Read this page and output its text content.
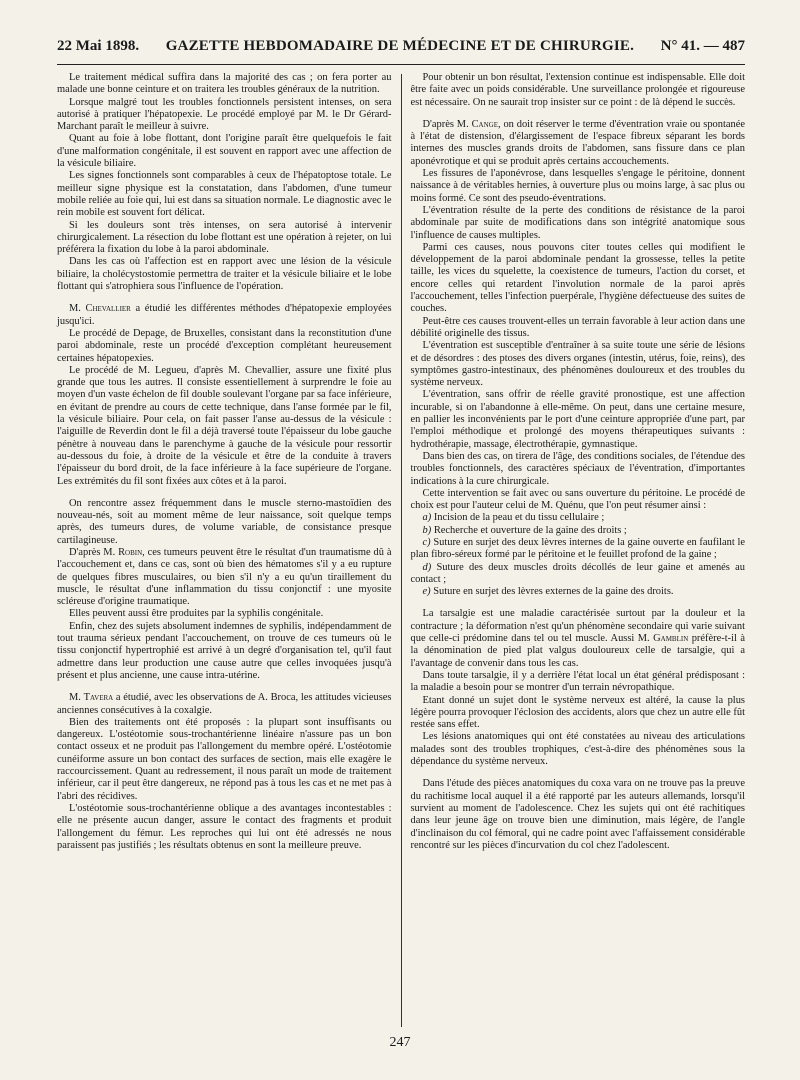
22 Mai 1898. GAZETTE HEBDOMADAIRE DE MÉDECINE ET DE CHIRURGIE. N° 41. — 487

Le traitement médical suffira dans la majorité des cas ; on fera porter au malade une bonne ceinture et on traitera les troubles généraux de la nutrition.

Lorsque malgré tout les troubles fonctionnels persistent intenses, on sera autorisé à pratiquer l'hépatopexie. Le procédé employé par M. le Dr Gérard-Marchant paraît le meilleur à suivre.

Quant au foie à lobe flottant, dont l'origine paraît être quelquefois le fait d'une malformation congénitale, il est souvent en rapport avec une affection de la vésicule biliaire.

Les signes fonctionnels sont comparables à ceux de l'hépatoptose totale. Le meilleur signe physique est la constatation, dans l'abdomen, d'une tumeur mobile reliée au foie qui, lui est dans sa situation normale. Le diagnostic avec le rein mobile est souvent fort délicat.

Si les douleurs sont très intenses, on sera autorisé à intervenir chirurgicalement. La résection du lobe flottant est une opération à rejeter, on lui préférera la fixation du lobe à la paroi abdominale.

Dans les cas où l'affection est en rapport avec une lésion de la vésicule biliaire, la cholécystostomie permettra de traiter et la vésicule biliaire et le lobe flottant qui s'atrophiera sous l'influence de l'opération.

M. Chevallier a étudié les différentes méthodes d'hépatopexie employées jusqu'ici.

Le procédé de Depage, de Bruxelles, consistant dans la reconstitution d'une paroi abdominale, reste un procédé d'exception complétant heureusement certaines hépatopexies.

Le procédé de M. Legueu, d'après M. Chevallier, assure une fixité plus grande que tous les autres. Il consiste essentiellement à surprendre le foie au moyen d'un vaste échelon de fil double soulevant l'organe par sa face inférieure, en évitant de prendre au cours de cette technique, dans l'anse formée par le fil, la vésicule biliaire. Pour cela, on fait passer l'anse au-dessus de la vésicule : l'aiguille de Reverdin dont le fil a déjà traversé toute l'épaisseur du lobe gauche pénètre à nouveau dans le parenchyme à gauche de la vésicule pour ressortir au-dessous du foie, à droite de la vésicule et être de la conduite à travers l'épaisseur du bord droit, de la face inférieure à la face supérieure de l'organe. Les extrémités du fil sont fixées aux côtes et à la paroi.

On rencontre assez fréquemment dans le muscle sterno-mastoïdien des nouveau-nés, soit au moment même de leur naissance, soit quelque temps après, des tumeurs dures, de volume variable, de consistance presque cartilagineuse.

D'après M. Robin, ces tumeurs peuvent être le résultat d'un traumatisme dû à l'accouchement et, dans ce cas, sont où bien des hématomes s'il y a eu rupture de quelques fibres musculaires, ou bien s'il n'y a eu qu'un tiraillement du muscle, le résultat d'une inflammation du tissu conjonctif : une myosite scléreuse d'origine traumatique.

Elles peuvent aussi être produites par la syphilis congénitale.

Enfin, chez des sujets absolument indemnes de syphilis, indépendamment de tout trauma sérieux pendant l'accouchement, on trouve de ces tumeurs où le tissu conjonctif hypertrophié est arrivé à un degré d'organisation tel, qu'il faut admettre dans leur production une cause autre que celles invoquées jusqu'à présent et plus ancienne, une cause intra-utérine.

M. Tavera a étudié, avec les observations de A. Broca, les attitudes vicieuses anciennes consécutives à la coxalgie.

Bien des traitements ont été proposés : la plupart sont insuffisants ou dangereux. L'ostéotomie sous-trochantérienne linéaire n'assure pas un bon contact osseux et ne produit pas l'allongement du membre opéré. L'ostéotomie cunéiforme assure un bon contact des surfaces de section, mais elle exagère le raccourcissement. Quant au redressement, il nous paraît un mode de traitement inférieur, car il peut être dangereux, ne répond pas à tous les cas et ne met pas à l'abri des récidives.

L'ostéotomie sous-trochantérienne oblique a des avantages incontestables : elle ne présente aucun danger, assure le contact des fragments et produit l'allongement du fémur. Les reproches qui lui ont été adressés ne nous paraissent pas justifiés ; les résultats obtenus en sont la meilleure preuve.

Pour obtenir un bon résultat, l'extension continue est indispensable. Elle doit être faite avec un poids considérable. Une surveillance prolongée et rigoureuse est nécessaire. On ne saurait trop insister sur ce point : de là dépend le succès.

D'après M. Cange, on doit réserver le terme d'éventration vraie ou spontanée à l'état de distension, d'élargissement de l'espace fibreux séparant les bords internes des muscles grands droits de l'abdomen, sans fissure dans ce plan aponévrotique et qui se produit après certains accouchements.

Les fissures de l'aponévrose, dans lesquelles s'engage le péritoine, donnent naissance à de véritables hernies, à ouverture plus ou moins large, à sac plus ou moins formé. Ce sont des pseudo-éventrations.

L'éventration résulte de la perte des conditions de résistance de la paroi abdominale par suite de modifications dans son intégrité anatomique sous l'influence de causes multiples.

Parmi ces causes, nous pouvons citer toutes celles qui modifient le développement de la paroi abdominale pendant la grossesse, telles la petite taille, les vices du squelette, la coexistence de tumeurs, l'action du corset, et encore celles qui retardent l'involution normale de la paroi après l'accouchement, telles l'infection puerpérale, l'hygiène défectueuse des suites de couches.

Peut-être ces causes trouvent-elles un terrain favorable à leur action dans une débilité originelle des tissus.

L'éventration est susceptible d'entraîner à sa suite toute une série de lésions et de désordres : des ptoses des divers organes (intestin, utérus, foie, reins), des symptômes gastro-intestinaux, des phénomènes douloureux et des troubles du système nerveux.

L'éventration, sans offrir de réelle gravité pronostique, est une affection incurable, si on l'abandonne à elle-même. On peut, dans une certaine mesure, en pallier les inconvénients par le port d'une ceinture appropriée d'une part, par l'emploi méthodique et prolongé des moyens thérapeutiques suivants : hydrothérapie, massage, électrothérapie, gymnastique.

Dans bien des cas, on tirera de l'âge, des conditions sociales, de l'étendue des troubles fonctionnels, des caractères spéciaux de l'éventration, d'importantes indications à la cure chirurgicale.

Cette intervention se fait avec ou sans ouverture du péritoine. Le procédé de choix est pour l'auteur celui de M. Quénu, que l'on peut résumer ainsi :

a) Incision de la peau et du tissu cellulaire ;

b) Recherche et ouverture de la gaine des droits ;

c) Suture en surjet des deux lèvres internes de la gaine ouverte en faufilant le plan fibro-séreux formé par le péritoine et le feuillet profond de la gaine ;

d) Suture des deux muscles droits décollés de leur gaine et amenés au contact ;

e) Suture en surjet des lèvres externes de la gaine des droits.

La tarsalgie est une maladie caractérisée surtout par la douleur et la contracture ; la déformation n'est qu'un phénomène secondaire qui varie suivant que celle-ci prédomine dans tel ou tel muscle. Aussi M. Gamblin préfère-t-il à la dénomination de pied plat valgus douloureux celle de tarsalgie, qui a l'avantage de convenir dans tous les cas.

Dans toute tarsalgie, il y a derrière l'état local un état général prédisposant : la maladie a besoin pour se montrer d'un terrain névropathique.

Etant donné un sujet dont le système nerveux est altéré, la cause la plus légère pourra provoquer l'éclosion des accidents, alors que chez un autre elle fût restée sans effet.

Les lésions anatomiques qui ont été constatées au niveau des articulations malades sont des troubles trophiques, c'est-à-dire des phénomènes sous la dépendance du système nerveux.

Dans l'étude des pièces anatomiques du coxa vara on ne trouve pas la preuve du rachitisme local auquel il a été rapporté par les auteurs allemands, lorsqu'il survient au moment de l'adolescence. Chez les sujets qui ont été rachitiques dans leur jeune âge on trouve bien une diminution, mais légère, de l'angle d'inclinaison du col fémoral, qui ne cadre point avec l'affaissement considérable rencontré sur les pièces d'incurvation du col chez l'adolescent.

247
